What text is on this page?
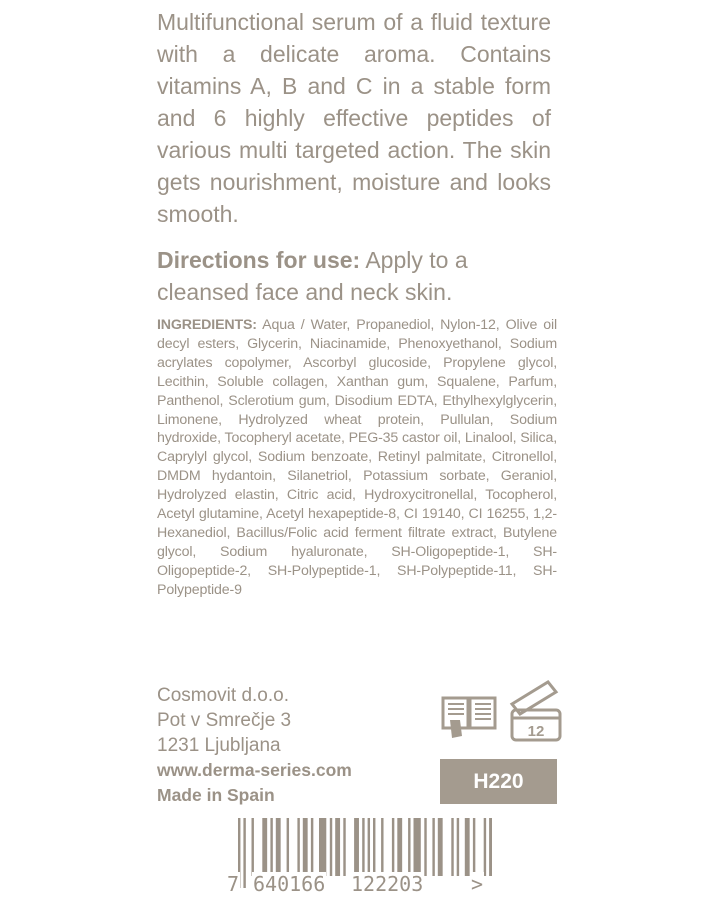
Multifunctional serum of a fluid texture with a delicate aroma. Contains vitamins A, B and C in a stable form and 6 highly effective peptides of various multi targeted action. The skin gets nourishment, moisture and looks smooth.

Directions for use: Apply to a cleansed face and neck skin.

INGREDIENTS: Aqua / Water, Propanediol, Nylon-12, Olive oil decyl esters, Glycerin, Niacinamide, Phenoxyethanol, Sodium acrylates copolymer, Ascorbyl glucoside, Propylene glycol, Lecithin, Soluble collagen, Xanthan gum, Squalene, Parfum, Panthenol, Sclerotium gum, Disodium EDTA, Ethylhexylglycerin, Limonene, Hydrolyzed wheat protein, Pullulan, Sodium hydroxide, Tocopheryl acetate, PEG-35 castor oil, Linalool, Silica, Caprylyl glycol, Sodium benzoate, Retinyl palmitate, Citronellol, DMDM hydantoin, Silanetriol, Potassium sorbate, Geraniol, Hydrolyzed elastin, Citric acid, Hydroxycitronellal, Tocopherol, Acetyl glutamine, Acetyl hexapeptide-8, CI 19140, CI 16255, 1,2-Hexanediol, Bacillus/Folic acid ferment filtrate extract, Butylene glycol, Sodium hyaluronate, SH-Oligopeptide-1, SH-Oligopeptide-2, SH-Polypeptide-1, SH-Polypeptide-11, SH-Polypeptide-9

Cosmovit d.o.o.
Pot v Smrečje 3
1231 Ljubljana
www.derma-series.com
Made in Spain
12
H220
7 640166 122203 >
